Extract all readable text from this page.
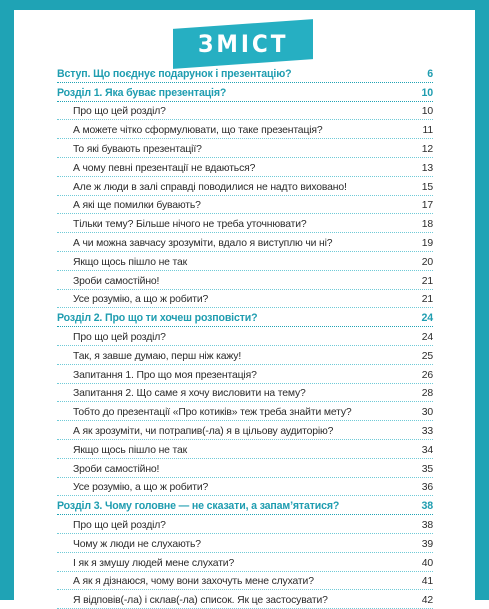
ЗМІСТ
Вступ. Що поєднує подарунок і презентацію?	6
Розділ 1. Яка буває презентація?	10
Про що цей розділ?	10
А можете чітко сформулювати, що таке презентація?	11
То які бувають презентації?	12
А чому певні презентації не вдаються?	13
Але ж люди в залі справді поводилися не надто виховано!	15
А які ще помилки бувають?	17
Тільки тему? Більше нічого не треба уточнювати?	18
А чи можна завчасу зрозуміти, вдало я виступлю чи ні?	19
Якщо щось пішло не так	20
Зроби самостійно!	21
Усе розумію, а що ж робити?	21
Розділ 2. Про що ти хочеш розповісти?	24
Про що цей розділ?	24
Так, я завше думаю, перш ніж кажу!	25
Запитання 1. Про що моя презентація?	26
Запитання 2. Що саме я хочу висловити на тему?	28
Тобто до презентації «Про котиків» теж треба знайти мету?	30
А як зрозуміти, чи потрапив(-ла) я в цільову аудиторію?	33
Якщо щось пішло не так	34
Зроби самостійно!	35
Усе розумію, а що ж робити?	36
Розділ 3. Чому головне — не сказати, а запам’ятатися?	38
Про що цей розділ?	38
Чому ж люди не слухають?	39
І як я змушу людей мене слухати?	40
А як я дізнаюся, чому вони захочуть мене слухати?	41
Я відповів(-ла) і склав(-ла) список. Як це застосувати?	42
